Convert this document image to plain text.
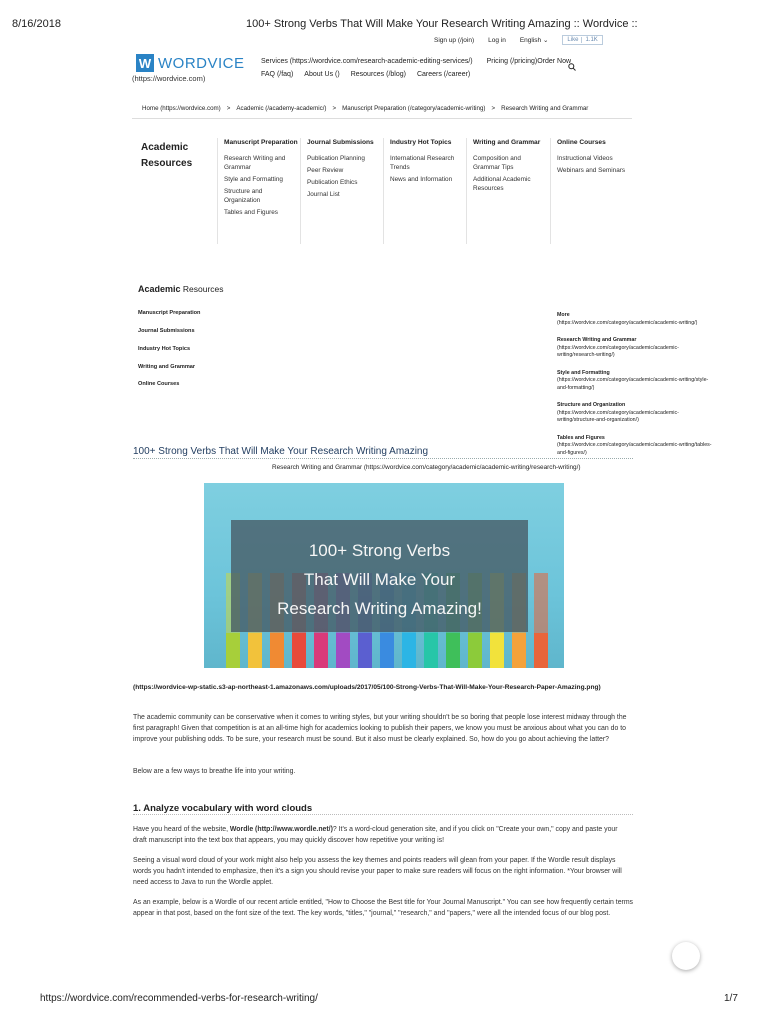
8/16/2018	100+ Strong Verbs That Will Make Your Research Writing Amazing :: Wordvice ::
W WORDVICE
(https://wordvice.com)
Sign up (/join) Log in English ⌄	Like	1.1K
Services (https://wordvice.com/research-academic-editing-services/) Pricing (/pricing) Order Now
FAQ (/faq) About Us () Resources (/blog) Careers (/career)
Home (https://wordvice.com) > Academic (/academy-academic/) > Manuscript Preparation (/category/academic-writing) > Research Writing and Grammar
Academic
Resources
Manuscript Preparation
Research Writing and Grammar
Style and Formatting
Structure and Organization
Tables and Figures
Journal Submissions
Publication Planning
Peer Review
Publication Ethics
Journal List
Industry Hot Topics
International Research Trends
News and Information
Writing and Grammar
Composition and Grammar Tips
Additional Academic Resources
Online Courses
Instructional Videos
Webinars and Seminars
Academic Resources
Manuscript Preparation
Journal Submissions
Industry Hot Topics
Writing and Grammar
Online Courses
More
(https://wordvice.com/category/academic/academic-writing/)
Research Writing and Grammar
(https://wordvice.com/category/academic/academic-writing/research-writing/)
Style and Formatting
(https://wordvice.com/category/academic/academic-writing/style-and-formatting/)
Structure and Organization
(https://wordvice.com/category/academic/academic-writing/structure-and-organization/)
Tables and Figures
(https://wordvice.com/category/academic/academic-writing/tables-and-figures/)
100+ Strong Verbs That Will Make Your Research Writing Amazing
Research Writing and Grammar (https://wordvice.com/category/academic/academic-writing/research-writing/)
100+ Strong Verbs
That Will Make Your
Research Writing Amazing!
(https://wordvice-wp-static.s3-ap-northeast-1.amazonaws.com/uploads/2017/05/100-Strong-Verbs-That-Will-Make-Your-Research-Paper-Amazing.png)
The academic community can be conservative when it comes to writing styles, but your writing shouldn't be so boring that people lose interest midway through the first paragraph! Given that competition is at an all-time high for academics looking to publish their papers, we know you must be anxious about what you can do to improve your publishing odds. To be sure, your research must be sound. But it also must be clearly explained. So, how do you go about achieving the latter?
Below are a few ways to breathe life into your writing.
1. Analyze vocabulary with word clouds
Have you heard of the website, Wordle (http://www.wordle.net/)? It's a word-cloud generation site, and if you click on "Create your own," copy and paste your draft manuscript into the text box that appears, you may quickly discover how repetitive your writing is!
Seeing a visual word cloud of your work might also help you assess the key themes and points readers will glean from your paper. If the Wordle result displays words you hadn't intended to emphasize, then it's a sign you should revise your paper to make sure readers will focus on the right information. *Your browser will need access to Java to run the Wordle applet.
As an example, below is a Wordle of our recent article entitled, "How to Choose the Best title for Your Journal Manuscript." You can see how frequently certain terms appear in that post, based on the font size of the text. The key words, "titles," "journal," "research," and "papers," were all the intended focus of our blog post.
https://wordvice.com/recommended-verbs-for-research-writing/	1/7
